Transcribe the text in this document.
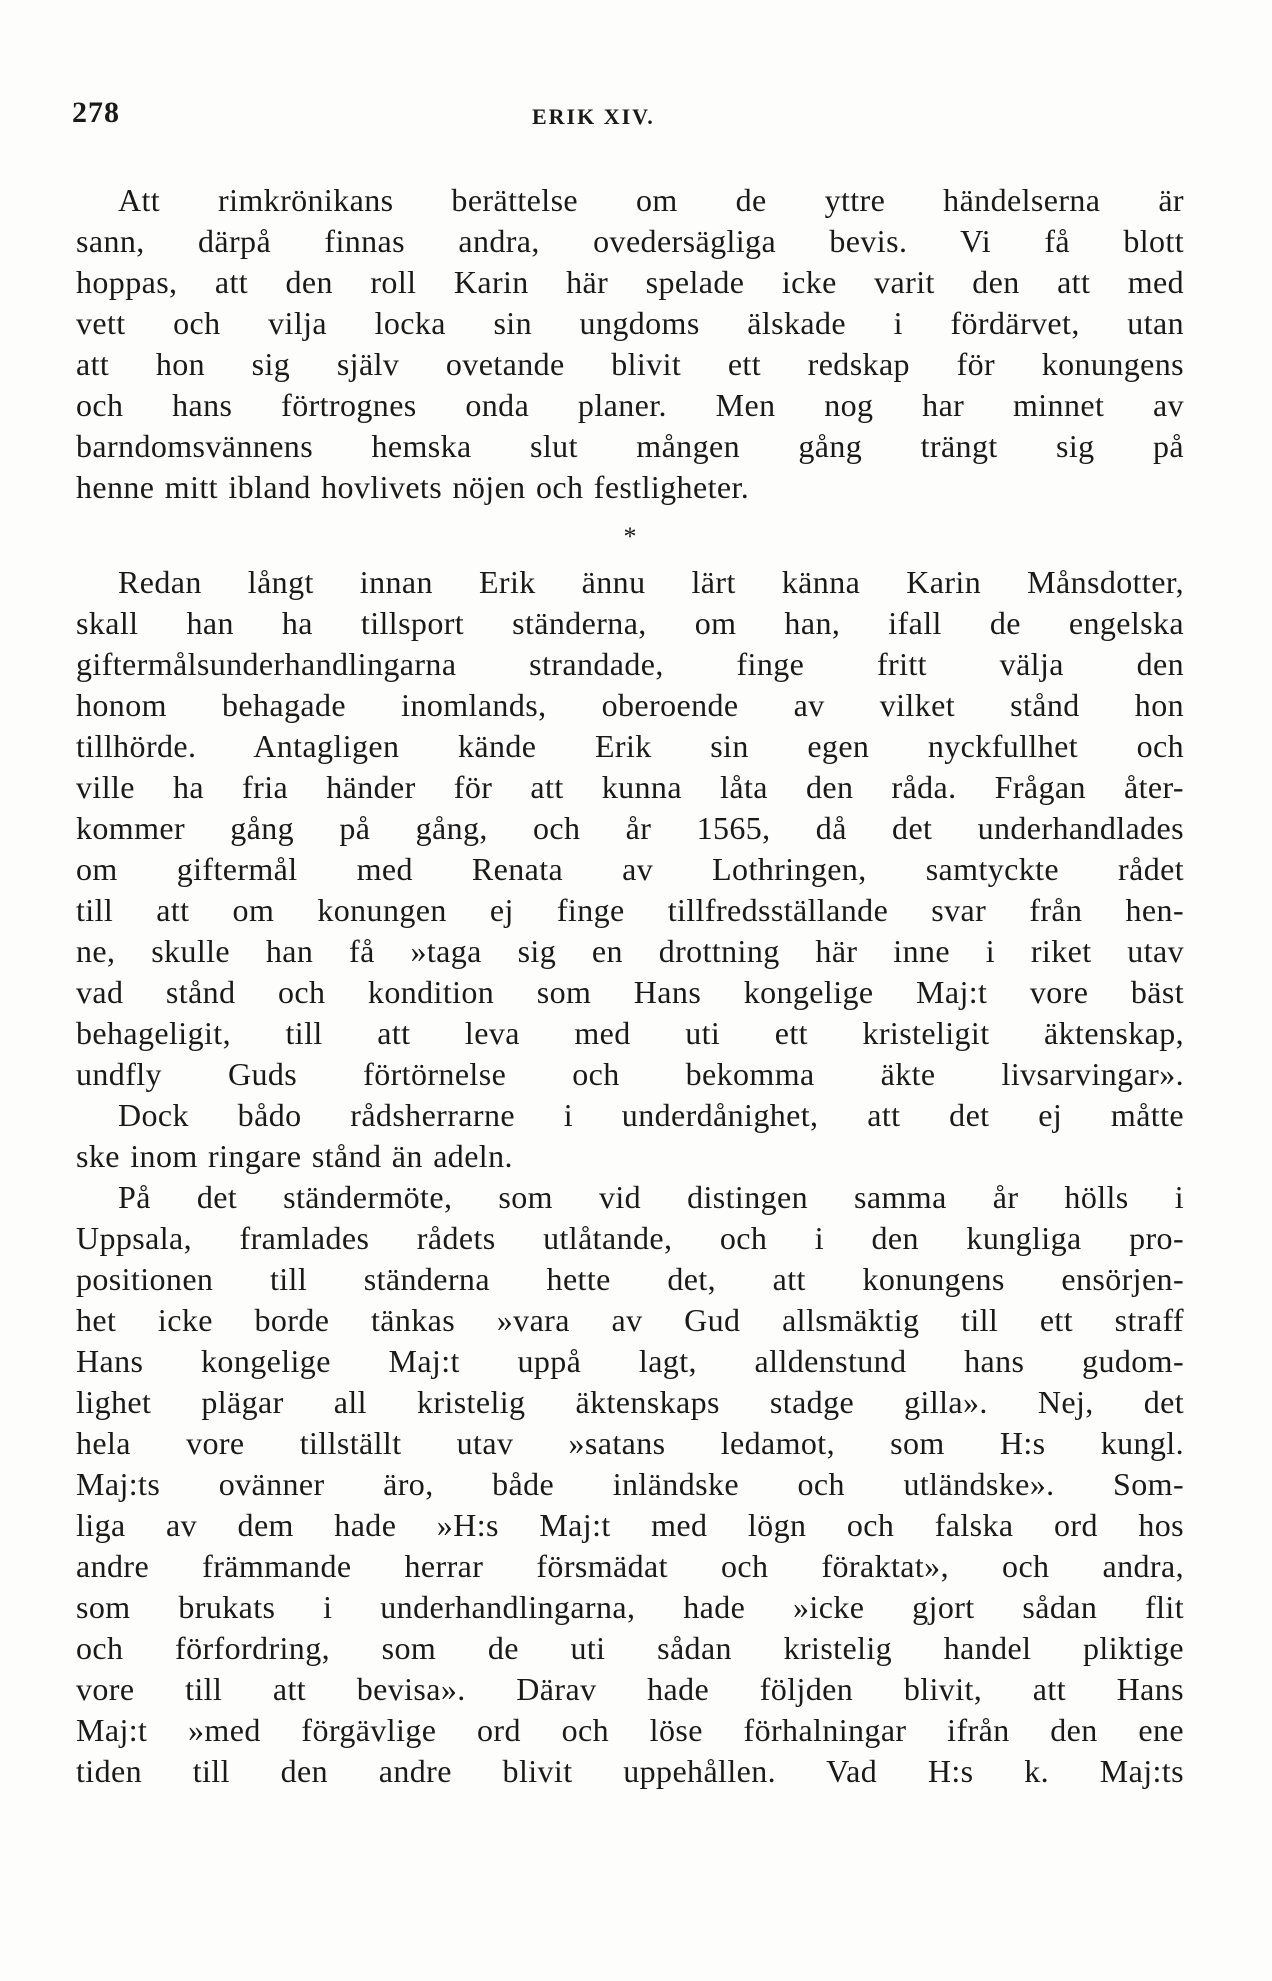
278	ERIK XIV.

Att rimkrönikans berättelse om de yttre händelserna är

sann, därpå finnas andra, ovedersägliga bevis. Vi få blott

hoppas, att den roll Karin här spelade icke varit den att med

vett och vilja locka sin ungdoms älskade i fördärvet, utan

att hon sig själv ovetande blivit ett redskap för konungens

och hans förtrognes onda planer. Men nog har minnet av

barndomsvännens hemska slut mången gång trängt sig på

henne mitt ibland hovlivets nöjen och festligheter.

*

Redan långt innan Erik ännu lärt känna Karin Månsdotter,

skall han ha tillsport ständerna, om han, ifall de engelska

giftermålsunderhandlingarna strandade, finge fritt välja den

honom behagade inomlands, oberoende av vilket stånd hon

tillhörde. Antagligen kände Erik sin egen nyckfullhet och

ville ha fria händer för att kunna låta den råda. Frågan åter-

kommer gång på gång, och år 1565, då det underhandlades

om giftermål med Renata av Lothringen, samtyckte rådet

till att om konungen ej finge tillfredsställande svar från hen-

ne, skulle han få »taga sig en drottning här inne i riket utav

vad stånd och kondition som Hans kongelige Maj:t vore bäst

behageligit, till att leva med uti ett kristeligit äktenskap,

undfly Guds förtörnelse och bekomma äkte livsarvingar».

Dock bådo rådsherrarne i underdånighet, att det ej måtte

ske inom ringare stånd än adeln.

På det ständermöte, som vid distingen samma år hölls i

Uppsala, framlades rådets utlåtande, och i den kungliga pro-

positionen till ständerna hette det, att konungens ensörjen-

het icke borde tänkas »vara av Gud allsmäktig till ett straff

Hans kongelige Maj:t uppå lagt, alldenstund hans gudom-

lighet plägar all kristelig äktenskaps stadge gilla». Nej, det

hela vore tillställt utav »satans ledamot, som H:s kungl.

Maj:ts ovänner äro, både inländske och utländske». Som-

liga av dem hade »H:s Maj:t med lögn och falska ord hos

andre främmande herrar försmädat och föraktat», och andra,

som brukats i underhandlingarna, hade »icke gjort sådan flit

och förfordring, som de uti sådan kristelig handel pliktige

vore till att bevisa». Därav hade följden blivit, att Hans

Maj:t »med förgävlige ord och löse förhalningar ifrån den ene

tiden till den andre blivit uppehållen. Vad H:s k. Maj:ts
